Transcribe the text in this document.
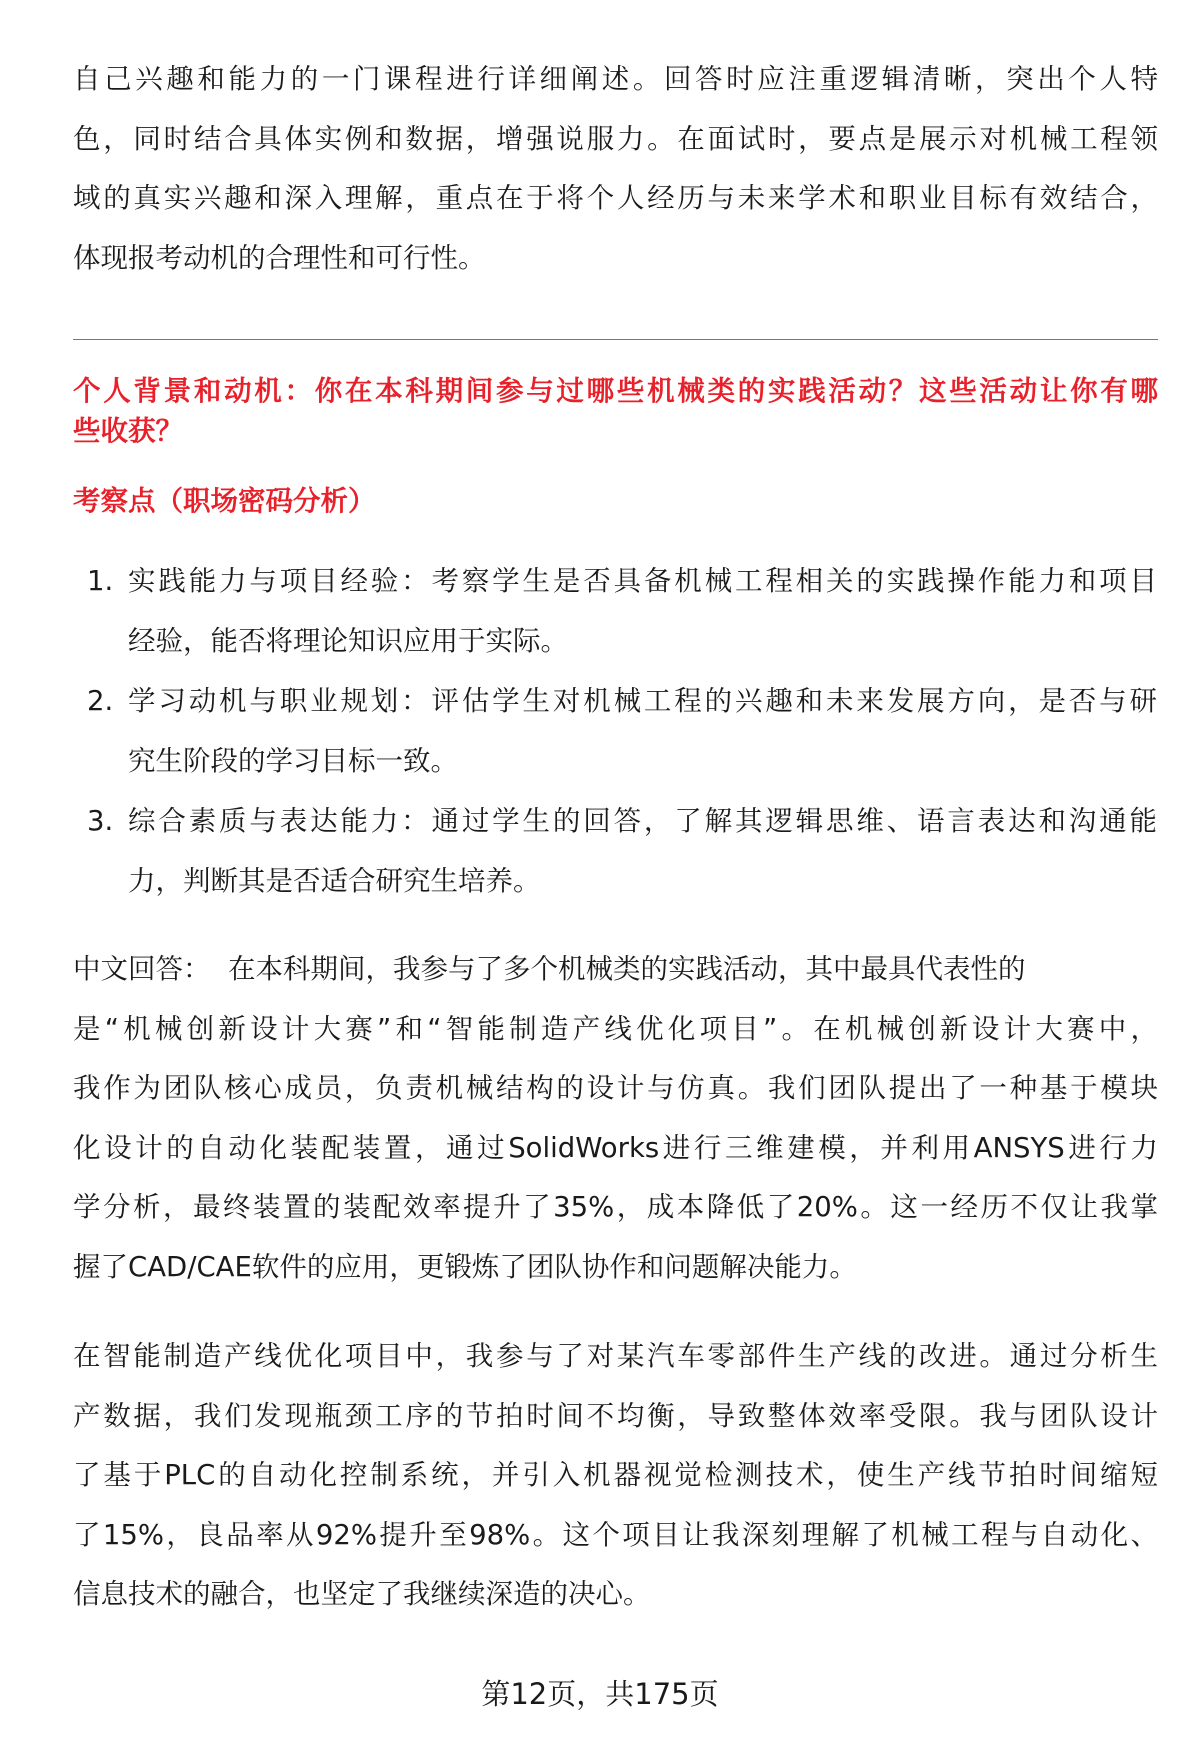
自己兴趣和能力的一门课程进行详细阐述。回答时应注重逻辑清晰，突出个人特
色，同时结合具体实例和数据，增强说服力。在面试时，要点是展示对机械工程领
域的真实兴趣和深入理解，重点在于将个人经历与未来学术和职业目标有效结合，
体现报考动机的合理性和可行性。
个人背景和动机：你在本科期间参与过哪些机械类的实践活动？这些活动让你有哪
些收获？
考察点（职场密码分析）
1. 实践能力与项目经验：考察学生是否具备机械工程相关的实践操作能力和项目
经验，能否将理论知识应用于实际。
2. 学习动机与职业规划：评估学生对机械工程的兴趣和未来发展方向，是否与研
究生阶段的学习目标一致。
3. 综合素质与表达能力：通过学生的回答，了解其逻辑思维、语言表达和沟通能
力，判断其是否适合研究生培养。
中文回答：  在本科期间，我参与了多个机械类的实践活动，其中最具代表性的
是“机械创新设计大赛”和“智能制造产线优化项目”。在机械创新设计大赛中，
我作为团队核心成员，负责机械结构的设计与仿真。我们团队提出了一种基于模块
化设计的自动化装配装置，通过SolidWorks进行三维建模，并利用ANSYS进行力
学分析，最终装置的装配效率提升了35%，成本降低了20%。这一经历不仅让我掌
握了CAD/CAE软件的应用，更锻炼了团队协作和问题解决能力。
在智能制造产线优化项目中，我参与了对某汽车零部件生产线的改进。通过分析生
产数据，我们发现瓶颈工序的节拍时间不均衡，导致整体效率受限。我与团队设计
了基于PLC的自动化控制系统，并引入机器视觉检测技术，使生产线节拍时间缩短
了15%，良品率从92%提升至98%。这个项目让我深刻理解了机械工程与自动化、
信息技术的融合，也坚定了我继续深造的决心。
第12页，共175页
